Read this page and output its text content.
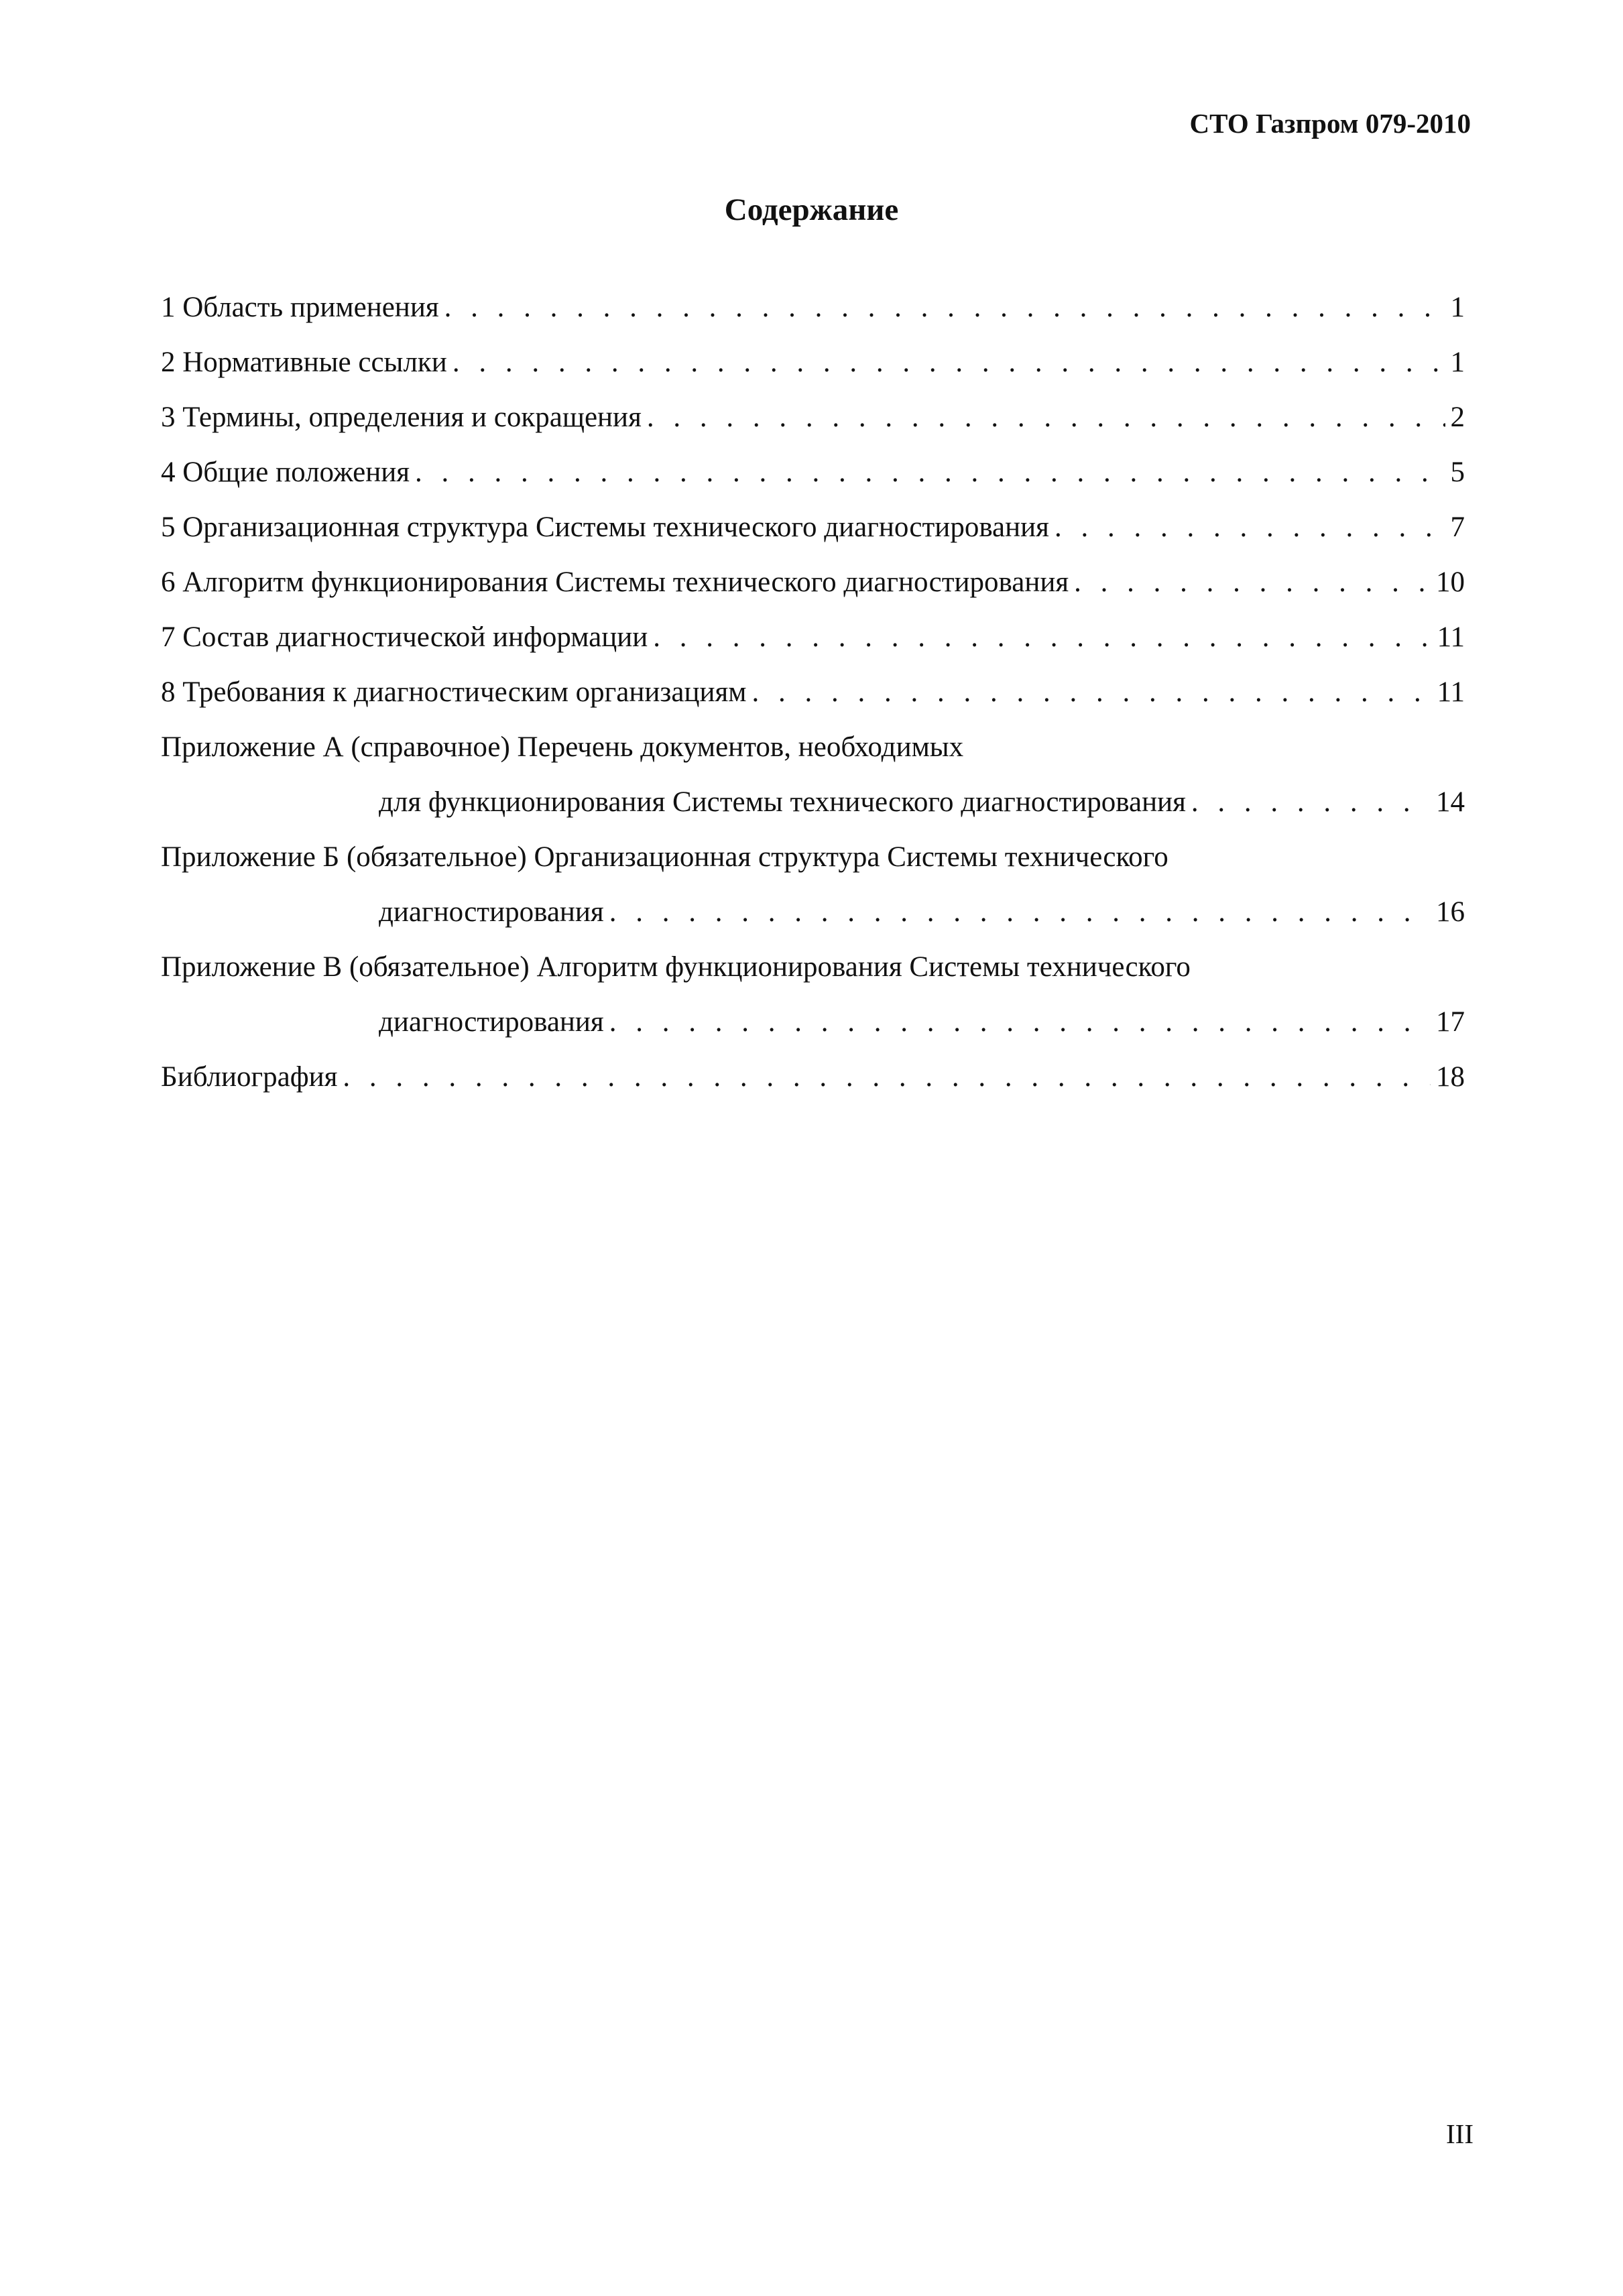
СТО Газпром 079-2010
Содержание
1 Область применения . . .	1
2 Нормативные ссылки . . .	1
3 Термины, определения и сокращения . . .	2
4 Общие положения . . .	5
5 Организационная структура Системы технического диагностирования . . .	7
6 Алгоритм функционирования Системы технического диагностирования . . .	10
7 Состав диагностической информации . . .	11
8 Требования к диагностическим организациям . . .	11
Приложение А (справочное) Перечень документов, необходимых
для функционирования Системы технического диагностирования . . .	14
Приложение Б (обязательное) Организационная структура Системы технического
диагностирования . . .	16
Приложение В (обязательное) Алгоритм функционирования Системы технического
диагностирования . . .	17
Библиография . . .	18
III
